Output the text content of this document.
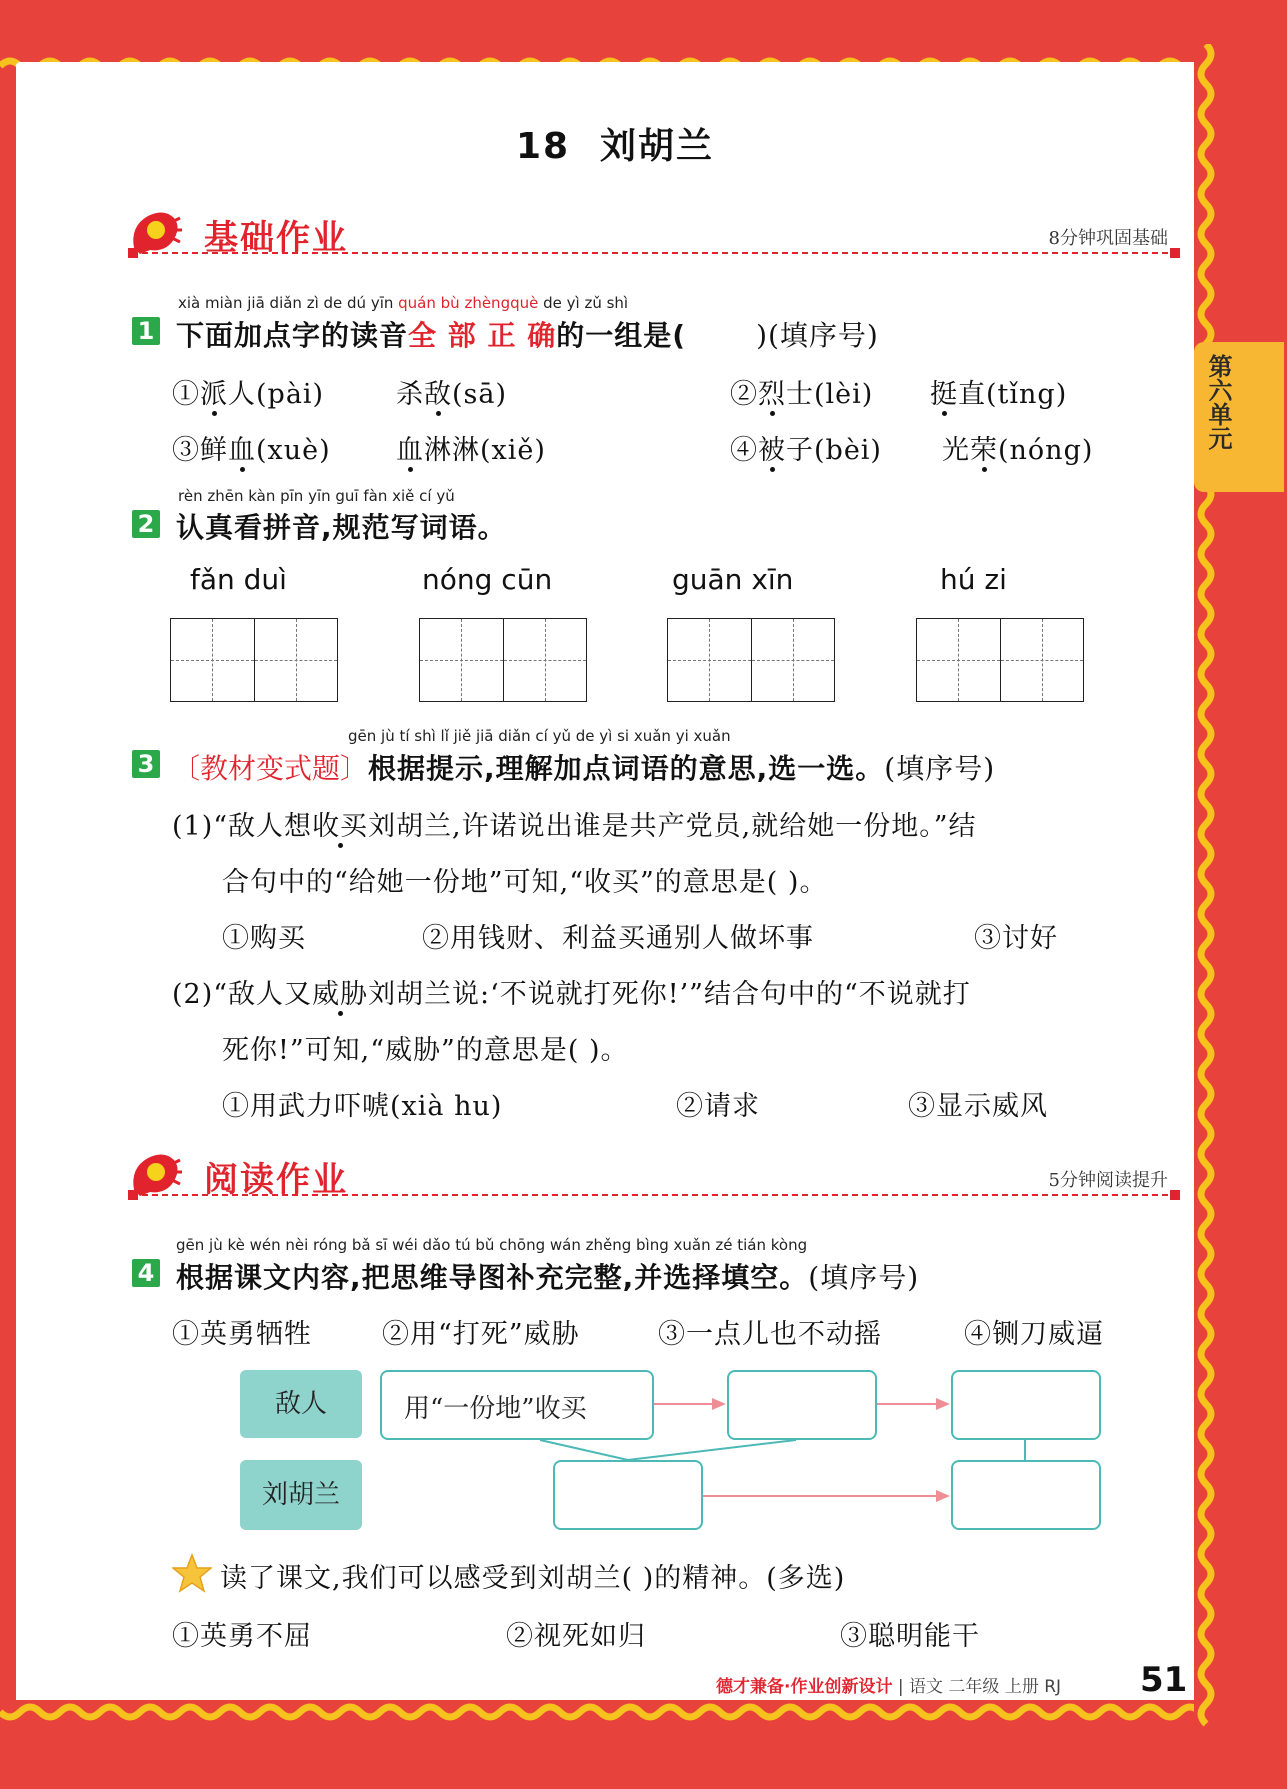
第六单元
18 刘胡兰
基础作业	8分钟巩固基础
xià miàn jiā diǎn zì de dú yīn quán bù zhèngquè de yì zǔ shì
1 下面加点字的读音全 部 正 确的一组是(	)(填序号)
①派人(pài)	杀敌(sā)	②烈士(lèi) 挺直(tǐng)
③鲜血(xuè) 血淋淋(xiě)	④被子(bèi) 光荣(nóng)
rèn zhēn kàn pīn yīn guī fàn xiě cí yǔ
2 认真看拼音,规范写词语。
fǎn duì	nóng cūn	guān xīn	hú zi
gēn jù tí shì lǐ jiě jiā diǎn cí yǔ de yì si xuǎn yi xuǎn
3 〔教材变式题〕根据提示,理解加点词语的意思,选一选。(填序号)
(1)“敌人想收买刘胡兰,许诺说出谁是共产党员,就给她一份地。”结
合句中的“给她一份地”可知,“收买”的意思是( )。
①购买	②用钱财、利益买通别人做坏事	③讨好
(2)“敌人又威胁刘胡兰说:‘不说就打死你!’”结合句中的“不说就打
死你!”可知,“威胁”的意思是( )。
①用武力吓唬(xià hu)	②请求	③显示威风
阅读作业	5分钟阅读提升
gēn jù kè wén nèi róng bǎ sī wéi dǎo tú bǔ chōng wán zhěng bìng xuǎn zé tián kòng
4 根据课文内容,把思维导图补充完整,并选择填空。(填序号)
①英勇牺牲	②用“打死”威胁	③一点儿也不动摇	④铡刀威逼
敌人
刘胡兰
用“一份地”收买
读了课文,我们可以感受到刘胡兰( )的精神。(多选)
①英勇不屈	②视死如归	③聪明能干
德才兼备·作业创新设计 | 语文 二年级 上册 RJ 51
